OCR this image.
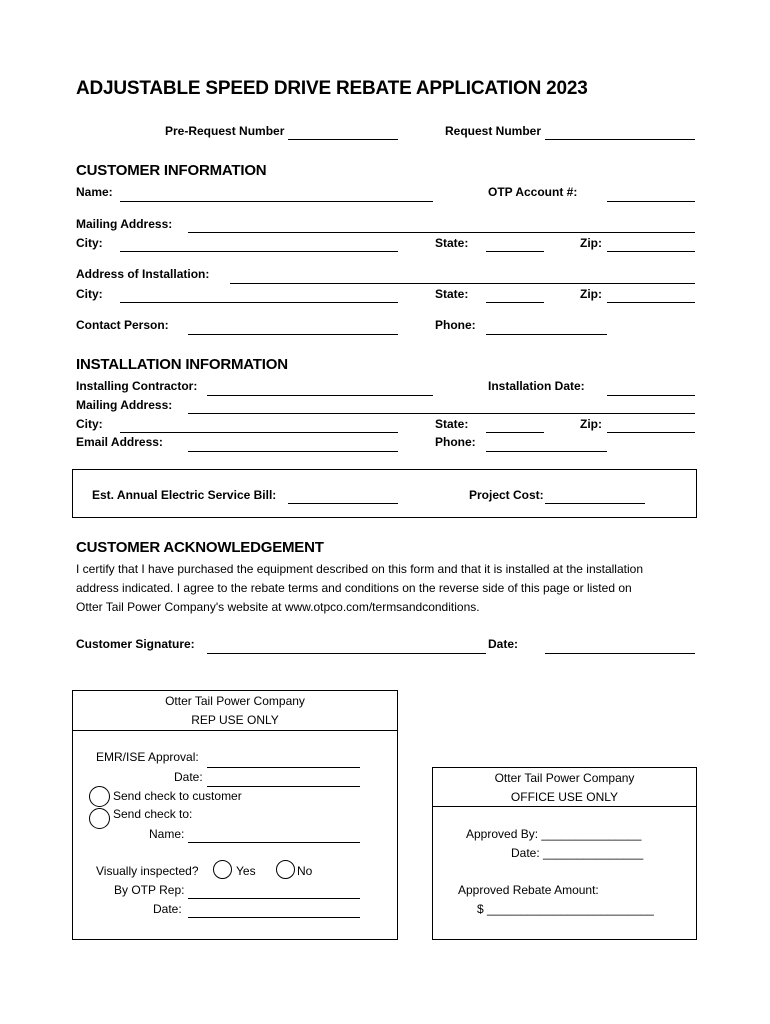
ADJUSTABLE SPEED DRIVE REBATE APPLICATION 2023
Pre-Request Number	Request Number
CUSTOMER INFORMATION
Name:	OTP Account #:
Mailing Address:
City:	State:	Zip:
Address of Installation:
City:	State:	Zip:
Contact Person:	Phone:
INSTALLATION INFORMATION
Installing Contractor:	Installation Date:
Mailing Address:
City:	State:	Zip:
Email Address:	Phone:
Est. Annual Electric Service Bill:	Project Cost:
CUSTOMER ACKNOWLEDGEMENT
I certify that I have purchased the equipment described on this form and that it is installed at the installation
address indicated. I agree to the rebate terms and conditions on the reverse side of this page or listed on
Otter Tail Power Company's website at www.otpco.com/termsandconditions.
Customer Signature:	Date:
Otter Tail Power Company
REP USE ONLY
EMR/ISE Approval:
Date:
Send check to customer
Send check to:
Name:
Visually inspected?	Yes	No
By OTP Rep:
Date:
Otter Tail Power Company
OFFICE USE ONLY
Approved By: _______________
Date: _______________
Approved Rebate Amount:
$ _________________________
